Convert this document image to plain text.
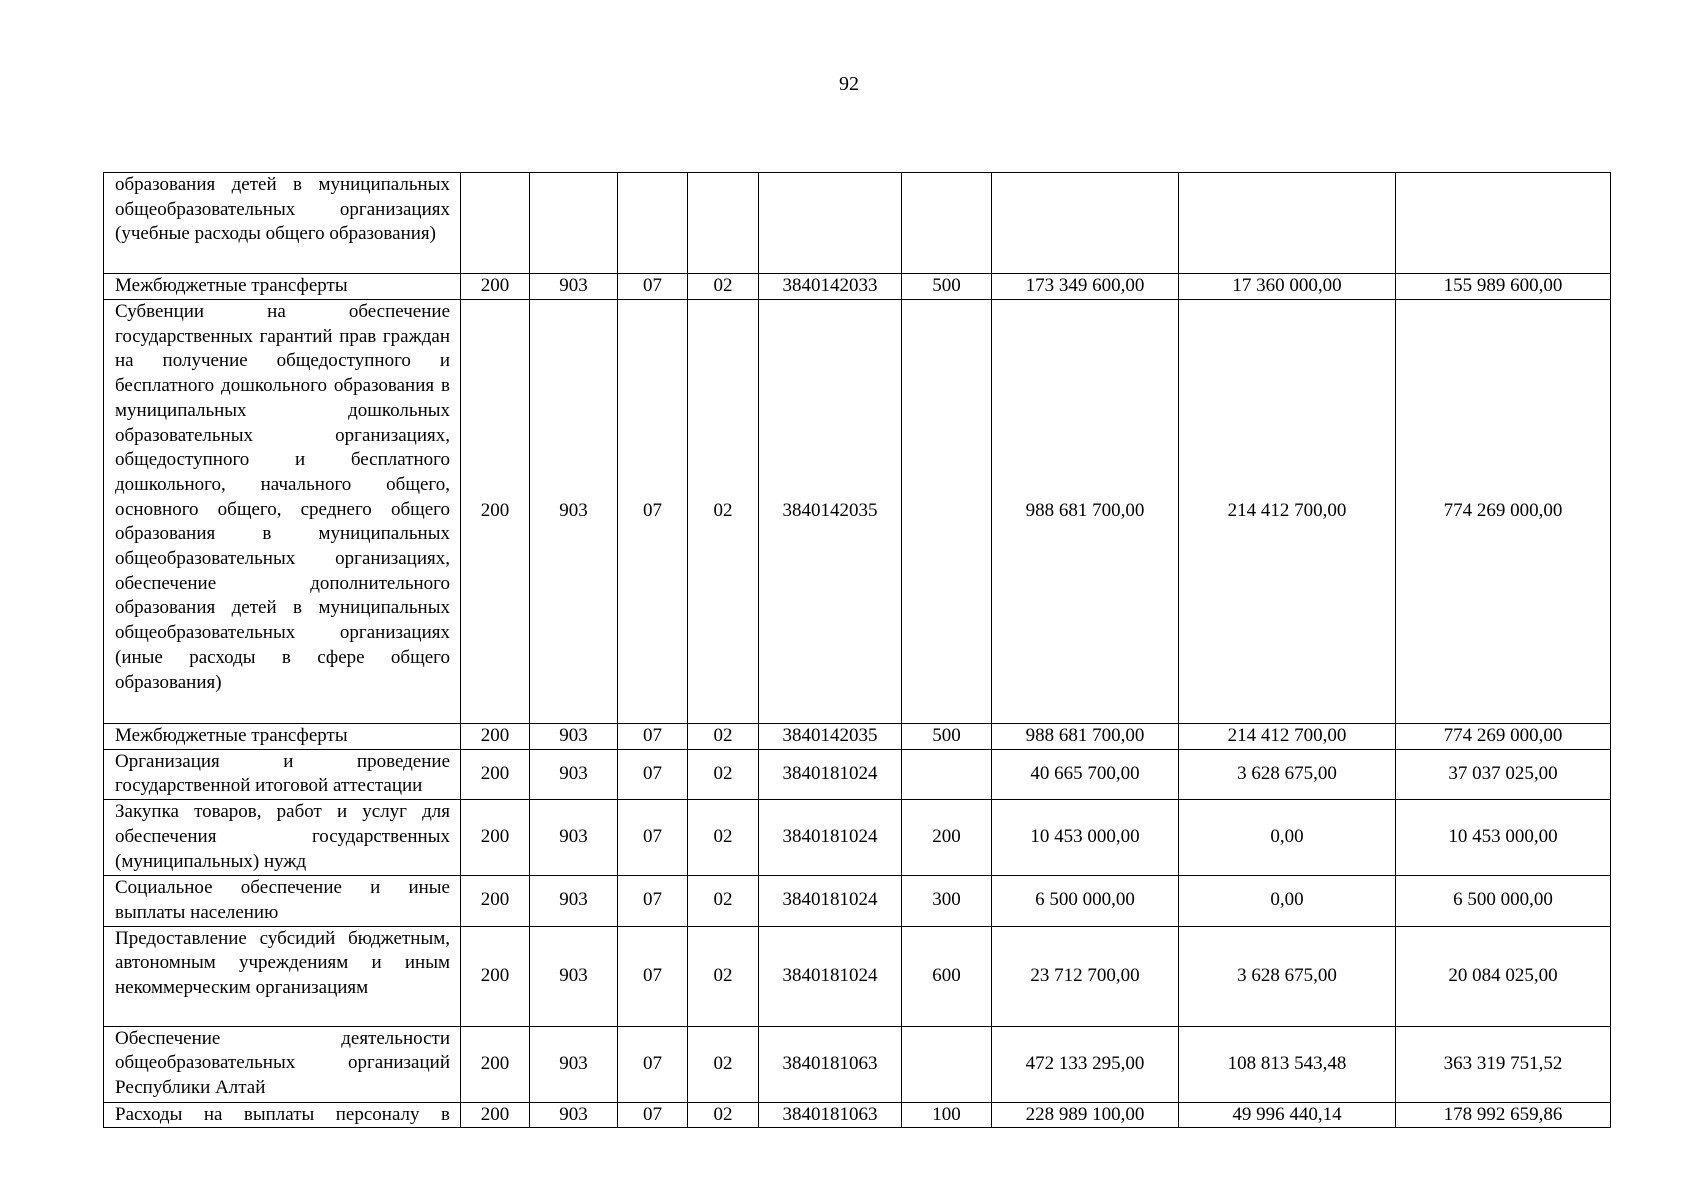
92
образования детей в муниципальных общеобразовательных организациях (учебные расходы общего образования)									
Межбюджетные трансферты	200	903	07	02	3840142033	500	173 349 600,00	17 360 000,00	155 989 600,00
Субвенции на обеспечение государственных гарантий прав граждан на получение общедоступного и бесплатного дошкольного образования в муниципальных дошкольных образовательных организациях, общедоступного и бесплатного дошкольного, начального общего, основного общего, среднего общего образования в муниципальных общеобразовательных организациях, обеспечение дополнительного образования детей в муниципальных общеобразовательных организациях (иные расходы в сфере общего образования)	200	903	07	02	3840142035		988 681 700,00	214 412 700,00	774 269 000,00
Межбюджетные трансферты	200	903	07	02	3840142035	500	988 681 700,00	214 412 700,00	774 269 000,00
Организация и проведение государственной итоговой аттестации	200	903	07	02	3840181024		40 665 700,00	3 628 675,00	37 037 025,00
Закупка товаров, работ и услуг для обеспечения государственных (муниципальных) нужд	200	903	07	02	3840181024	200	10 453 000,00	0,00	10 453 000,00
Социальное обеспечение и иные выплаты населению	200	903	07	02	3840181024	300	6 500 000,00	0,00	6 500 000,00
Предоставление субсидий бюджетным, автономным учреждениям и иным некоммерческим организациям	200	903	07	02	3840181024	600	23 712 700,00	3 628 675,00	20 084 025,00
Обеспечение деятельности общеобразовательных организаций Республики Алтай	200	903	07	02	3840181063		472 133 295,00	108 813 543,48	363 319 751,52

Расходы на выплаты персоналу в	200	903	07	02	3840181063	100	228 989 100,00	49 996 440,14	178 992 659,86
